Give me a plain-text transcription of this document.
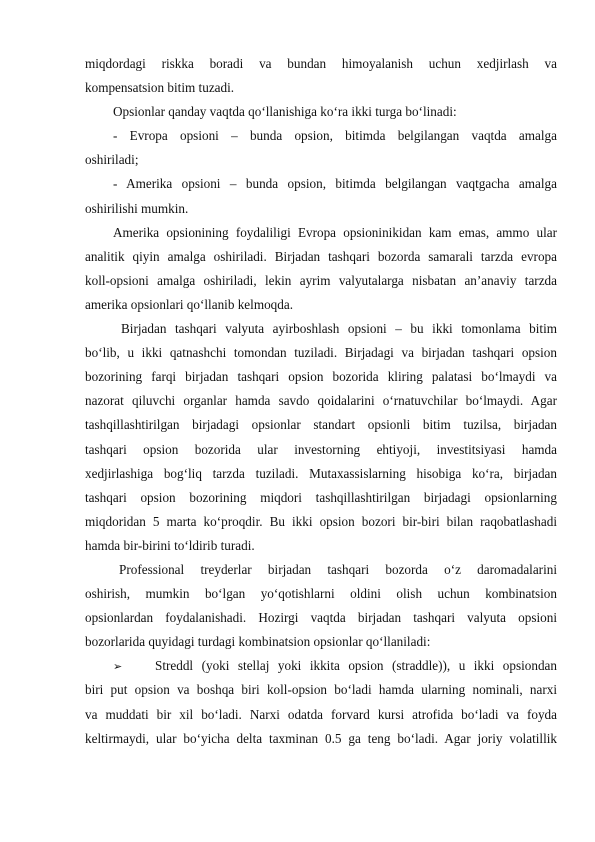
miqdordagi riskka boradi va bundan himoyalanish uchun xedjirlash va
kompensatsion bitim tuzadi.
Opsionlar qanday vaqtda qo‘llanishiga ko‘ra ikki turga bo‘linadi:
- Evropa opsioni – bunda opsion, bitimda belgilangan vaqtda amalga
oshiriladi;
- Amerika opsioni – bunda opsion, bitimda belgilangan vaqtgacha amalga
oshirilishi mumkin.
Amerika opsionining foydaliligi Evropa opsioninikidan kam emas, ammo ular
analitik qiyin amalga oshiriladi. Birjadan tashqari bozorda samarali tarzda evropa
koll-opsioni amalga oshiriladi, lekin ayrim valyutalarga nisbatan an’anaviy tarzda
amerika opsionlari qo‘llanib kelmoqda.
Birjadan tashqari valyuta ayirboshlash opsioni – bu ikki tomonlama bitim
bo‘lib, u ikki qatnashchi tomondan tuziladi. Birjadagi va birjadan tashqari opsion
bozorining farqi birjadan tashqari opsion bozorida kliring palatasi bo‘lmaydi va
nazorat qiluvchi organlar hamda savdo qoidalarini o‘rnatuvchilar bo‘lmaydi. Agar
tashqillashtirilgan birjadagi opsionlar standart opsionli bitim tuzilsa, birjadan
tashqari opsion bozorida ular investorning ehtiyoji, investitsiyasi hamda
xedjirlashiga bog‘liq tarzda tuziladi. Mutaxassislarning hisobiga ko‘ra, birjadan
tashqari opsion bozorining miqdori tashqillashtirilgan birjadagi opsionlarning
miqdoridan 5 marta ko‘proqdir. Bu ikki opsion bozori bir-biri bilan raqobatlashadi
hamda bir-birini to‘ldirib turadi.
Professional treyderlar birjadan tashqari bozorda o‘z daromadalarini
oshirish, mumkin bo‘lgan yo‘qotishlarni oldini olish uchun kombinatsion
opsionlardan foydalanishadi. Hozirgi vaqtda birjadan tashqari valyuta opsioni
bozorlarida quyidagi turdagi kombinatsion opsionlar qo‘llaniladi:
➢	Streddl (yoki stellaj yoki ikkita opsion (straddle)), u ikki opsiondan
biri put opsion va boshqa biri koll-opsion bo‘ladi hamda ularning nominali, narxi
va muddati bir xil bo‘ladi. Narxi odatda forvard kursi atrofida bo‘ladi va foyda
keltirmaydi, ular bo‘yicha delta taxminan 0.5 ga teng bo‘ladi. Agar joriy volatillik
